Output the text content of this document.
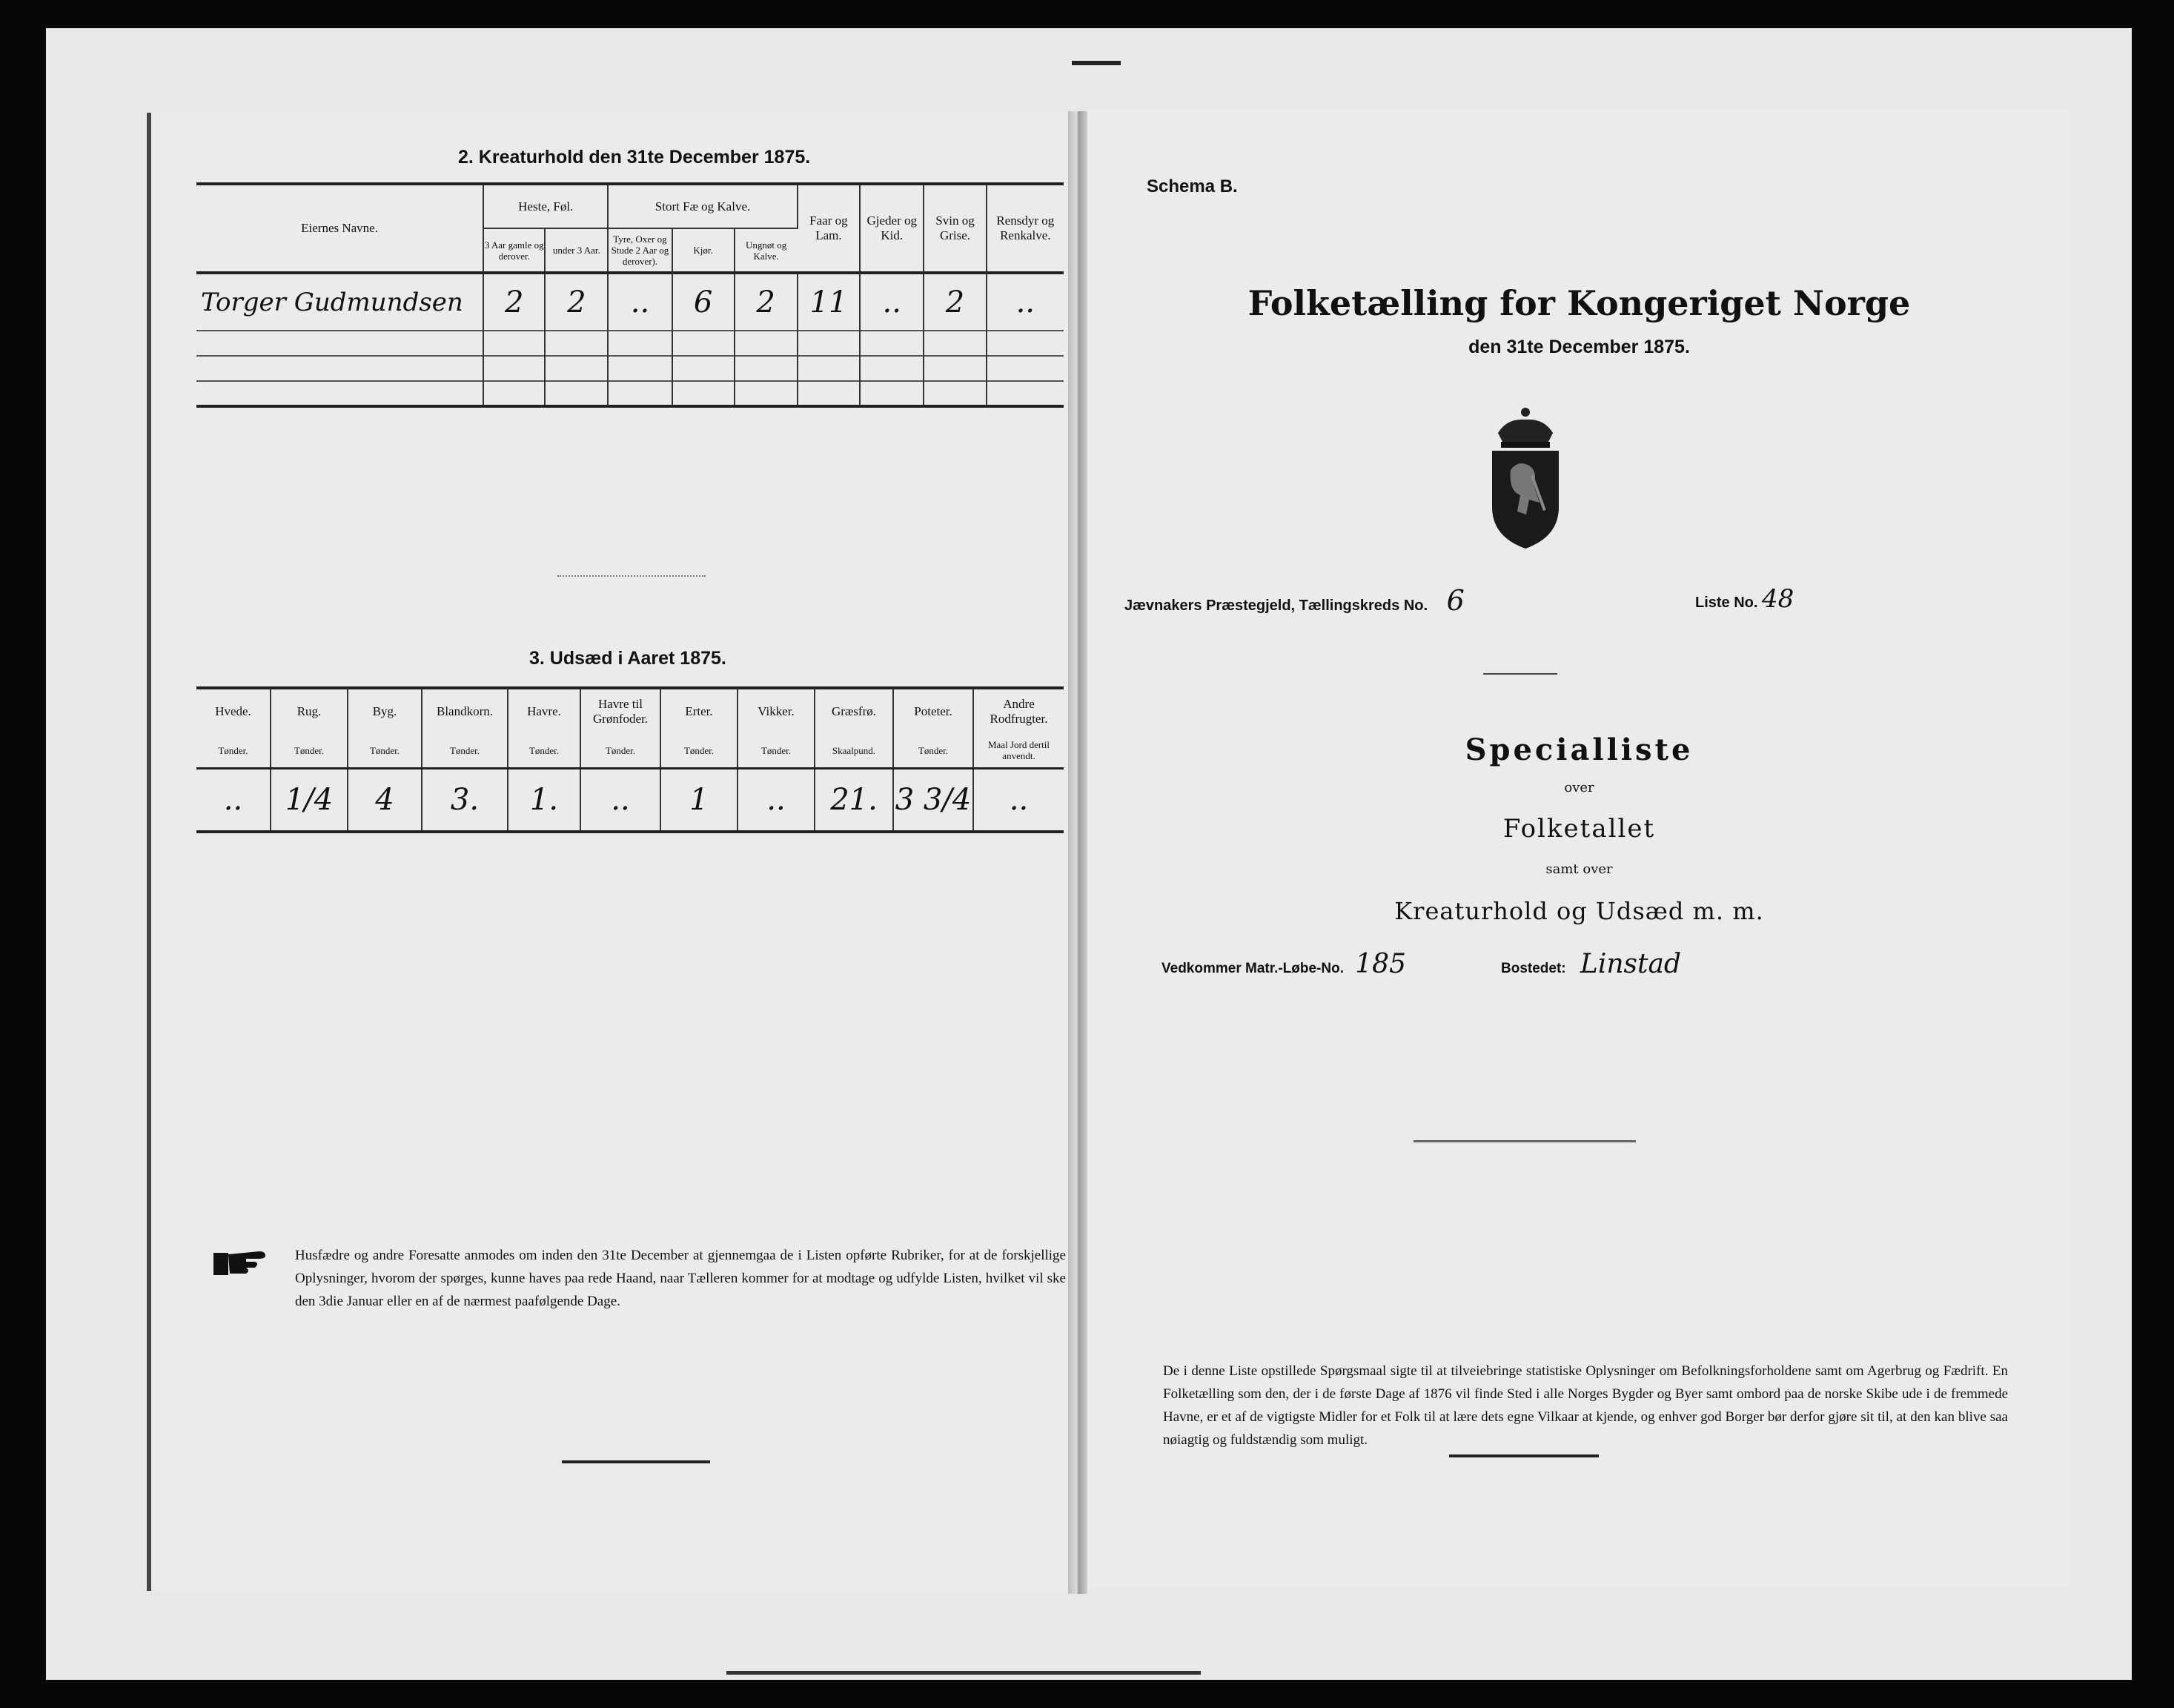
2. Kreaturhold den 31te December 1875.
Eiernes Navne.	Heste, Føl.		Stort Fæ og Kalve.			Faar og Lam.	Gjeder og Kid.	Svin og Grise.	Rensdyr og Renkalve.
	3 Aar gamle og derover.	under 3 Aar.	Tyre, Oxer og Stude 2 Aar og derover).	Kjør.	Ungnøt og Kalve.				
Torger Gudmundsen	2	2	..	6	2	11	..	2	..

3. Udsæd i Aaret 1875.
Hvede.	Rug.	Byg.	Blandkorn.	Havre.	Havre til Grønfoder.	Erter.	Vikker.	Græsfrø.	Poteter.	Andre Rodfrugter.
Tønder.	Tønder.	Tønder.	Tønder.	Tønder.	Tønder.	Tønder.	Tønder.	Skaalpund.	Tønder.	Maal Jord dertil anvendt.
..	1/4	4	3.	1.	..	1	..	21.	3 3/4	..
Husfædre og andre Foresatte anmodes om inden den 31te December at gjennemgaa de i Listen opførte Rubriker, for at de forskjellige Oplysninger, hvorom der spørges, kunne haves paa rede Haand, naar Tælleren kommer for at modtage og udfylde Listen, hvilket vil ske den 3die Januar eller en af de nærmest paafølgende Dage.
Schema B.
Folketælling for Kongeriget Norge
den 31te December 1875.
Jævnakers Præstegjeld, Tællingskreds No. 6	Liste No. 48
Specialliste
over
Folketallet
samt over
Kreaturhold og Udsæd m. m.
Vedkommer Matr.-Løbe-No. 185	Bostedet: Linstad
De i denne Liste opstillede Spørgsmaal sigte til at tilveiebringe statistiske Oplysninger om Befolkningsforholdene samt om Agerbrug og Fædrift. En Folketælling som den, der i de første Dage af 1876 vil finde Sted i alle Norges Bygder og Byer samt ombord paa de norske Skibe ude i de fremmede Havne, er et af de vigtigste Midler for et Folk til at lære dets egne Vilkaar at kjende, og enhver god Borger bør derfor gjøre sit til, at den kan blive saa nøiagtig og fuldstændig som muligt.
